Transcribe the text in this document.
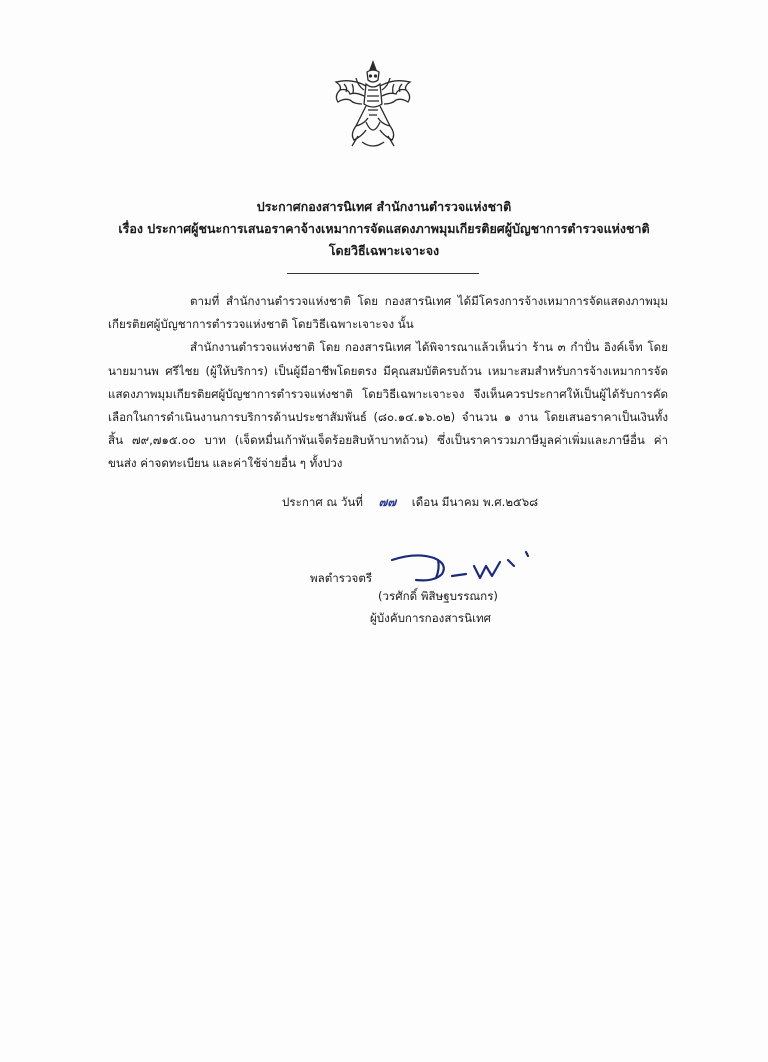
ประกาศกองสารนิเทศ สำนักงานตำรวจแห่งชาติ
เรื่อง ประกาศผู้ชนะการเสนอราคาจ้างเหมาการจัดแสดงภาพมุมเกียรติยศผู้บัญชาการตำรวจแห่งชาติ
โดยวิธีเฉพาะเจาะจง

ตามที่ สำนักงานตำรวจแห่งชาติ โดย กองสารนิเทศ ได้มีโครงการจ้างเหมาการจัดแสดงภาพมุมเกียรติยศผู้บัญชาการตำรวจแห่งชาติ โดยวิธีเฉพาะเจาะจง นั้น

สำนักงานตำรวจแห่งชาติ โดย กองสารนิเทศ ได้พิจารณาแล้วเห็นว่า ร้าน ๓ กำปั่น อิงค์เจ็ท โดย นายมานพ ศรีไชย (ผู้ให้บริการ) เป็นผู้มีอาชีพโดยตรง มีคุณสมบัติครบถ้วน เหมาะสมสำหรับการจ้างเหมาการจัดแสดงภาพมุมเกียรติยศผู้บัญชาการตำรวจแห่งชาติ โดยวิธีเฉพาะเจาะจง จึงเห็นควรประกาศให้เป็นผู้ได้รับการคัดเลือกในการดำเนินงานการบริการด้านประชาสัมพันธ์ (๘๐.๑๔.๑๖.๐๒) จำนวน ๑ งาน โดยเสนอราคาเป็นเงินทั้งสิ้น ๗๙,๗๑๕.๐๐ บาท (เจ็ดหมื่นเก้าพันเจ็ดร้อยสิบห้าบาทถ้วน) ซึ่งเป็นราคารวมภาษีมูลค่าเพิ่มและภาษีอื่น ค่าขนส่ง ค่าจดทะเบียน และค่าใช้จ่ายอื่น ๆ ทั้งปวง

ประกาศ ณ วันที่ ๗๗ เดือน มีนาคม พ.ศ.๒๕๖๘
พลตำรวจตรี
(วรศักดิ์ พิสิษฐบรรณกร)
ผู้บังคับการกองสารนิเทศ
